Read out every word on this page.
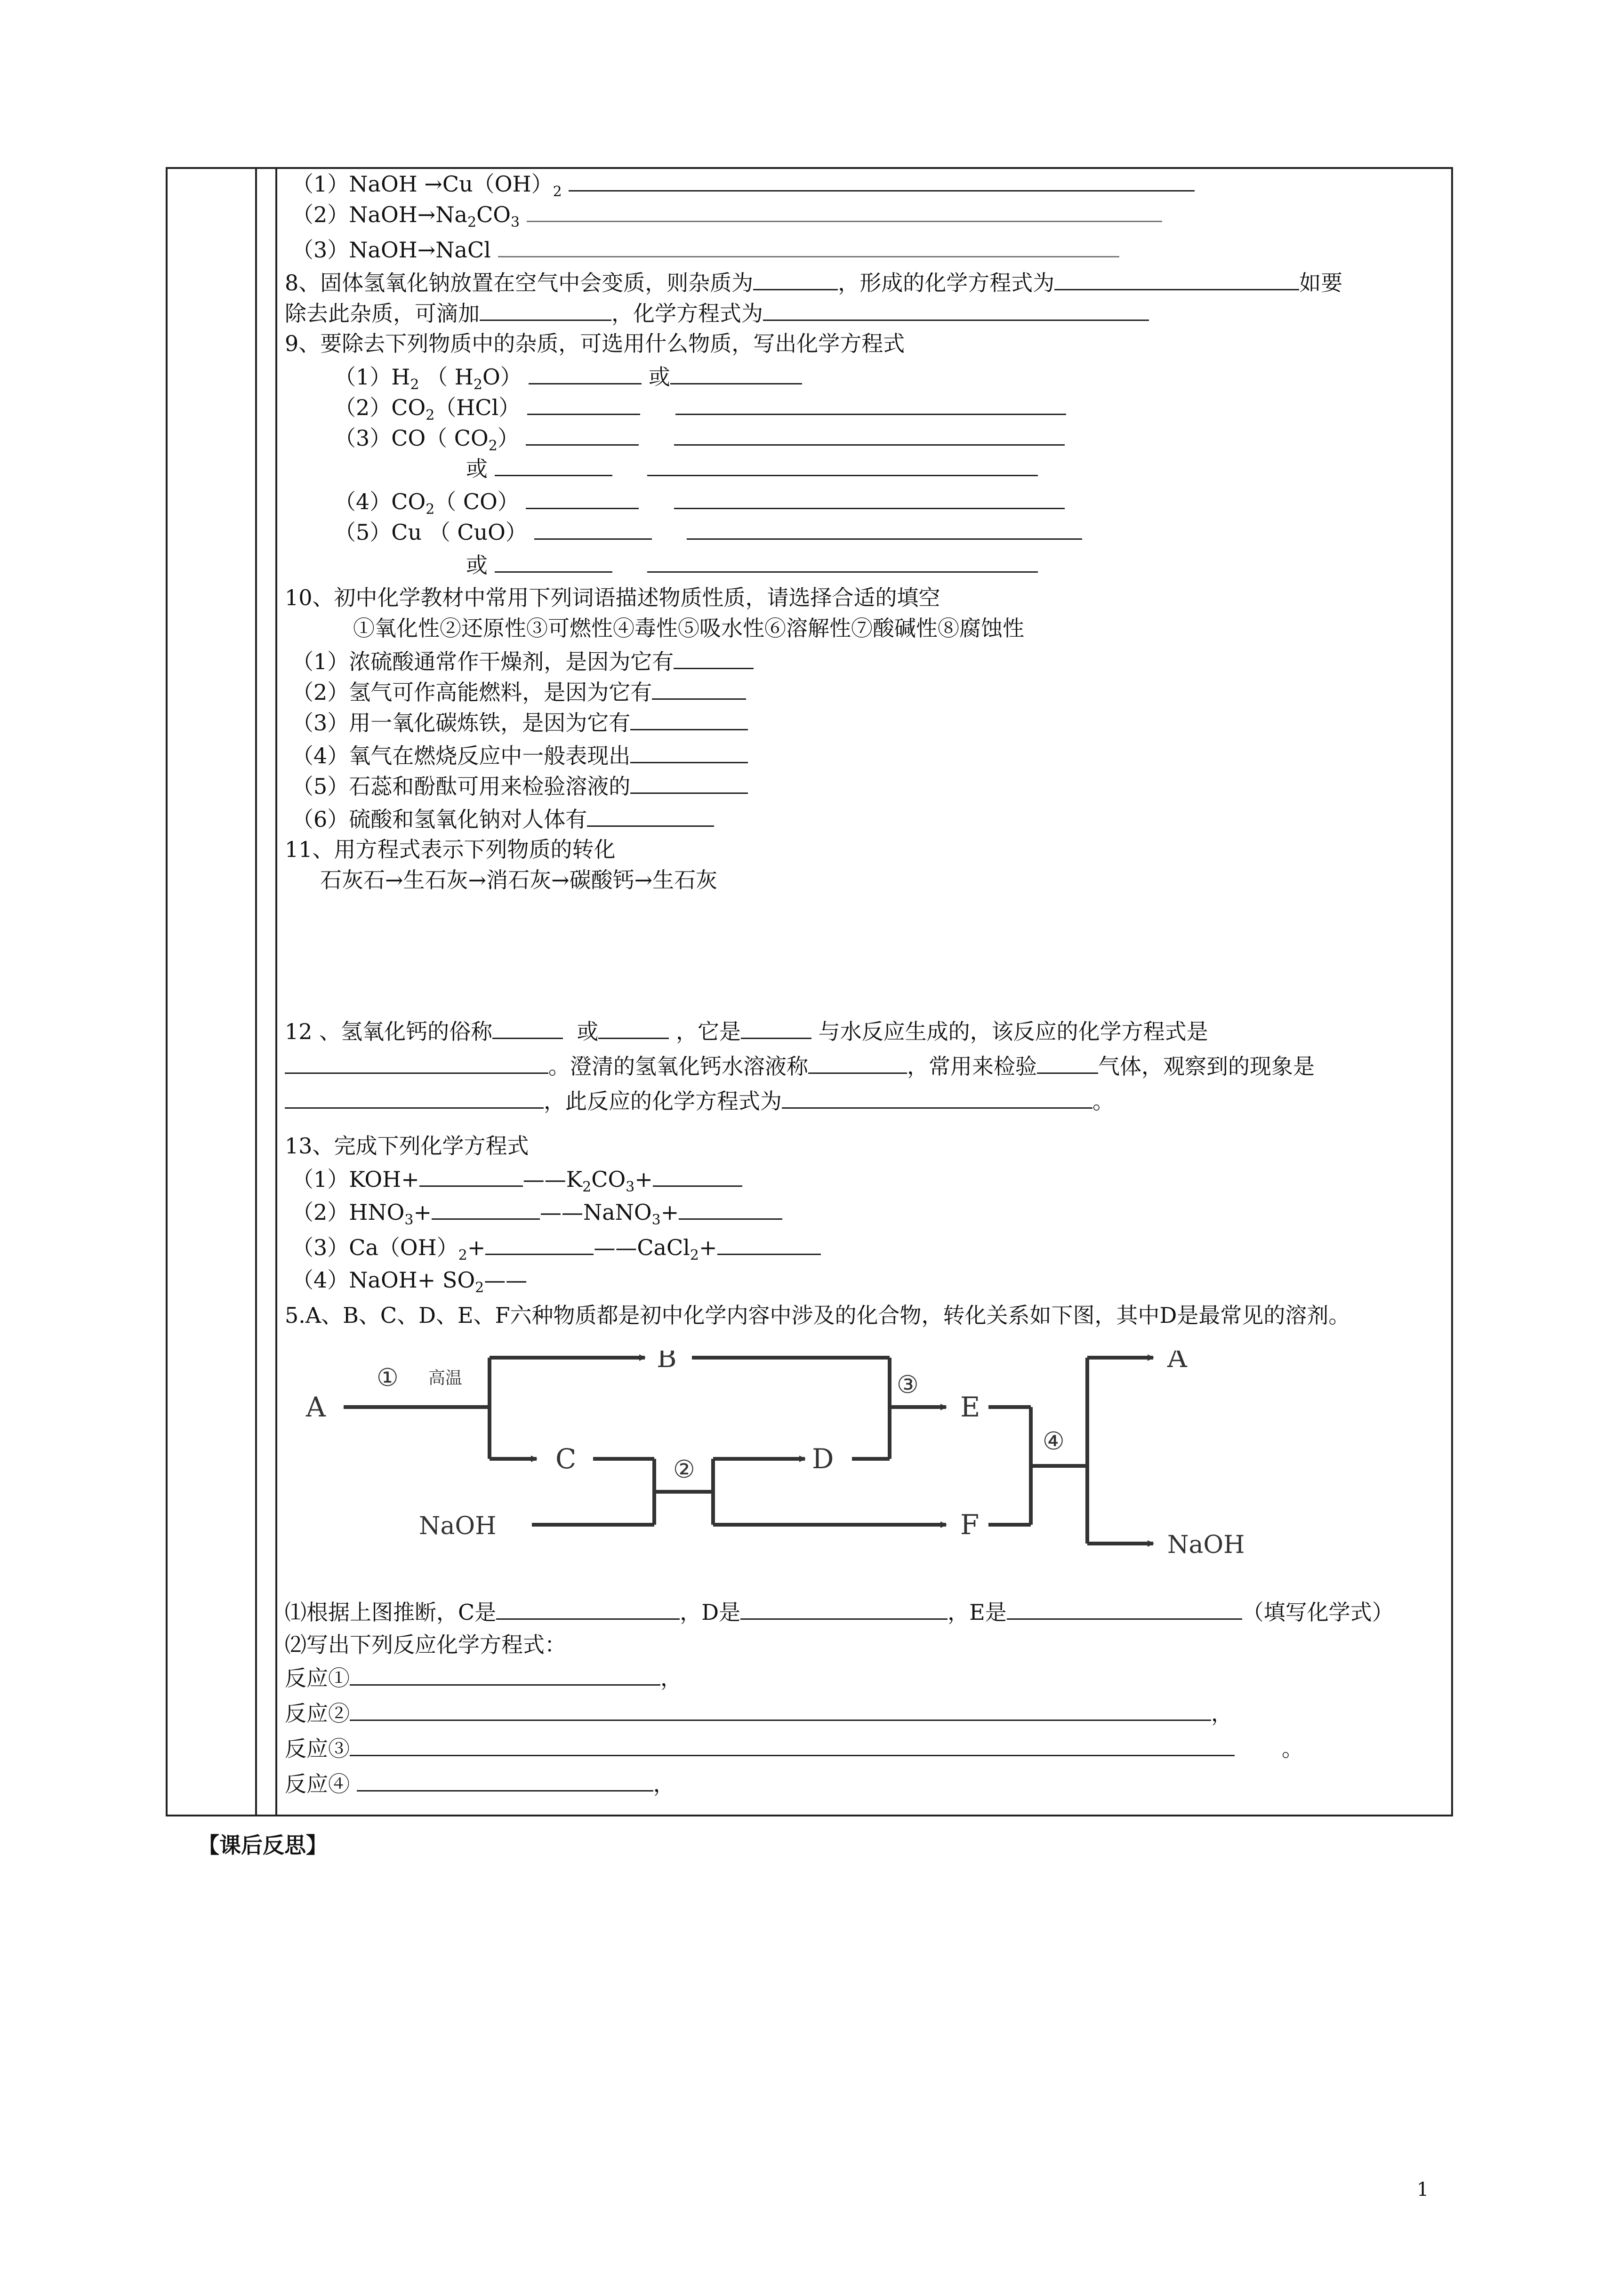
（1）NaOH $\to Cu(OH)_2$
$(2)NaOH\to Na_2CO_3$
（3）NaOH→NaCl
8、固体氢氧化钠放置在空气中会变质，则杂质为	，形成的化学方程式为	如要
除去此杂质，可滴加	，化学方程式为
9、要除去下列物质中的杂质，可选用什么物质，写出化学方程式
$(1)H_2$ （ $H_2O$）	或
$(2)CO_2(HCl)$
（3）CO（ $CO_2$）
或
$(4)CO_2$（ CO）
（5）Cu （ CuO）
或
10、初中化学教材中常用下列词语描述物质性质，请选择合适的填空
①氧化性②还原性③可燃性④毒性⑤吸水性⑥溶解性⑦酸碱性⑧腐蚀性
（1）浓硫酸通常作干燥剂，是因为它有
（2）氢气可作高能燃料，是因为它有
（3）用一氧化碳炼铁，是因为它有
（4）氧气在燃烧反应中一般表现出
（5）石蕊和酚酞可用来检验溶液的
（6）硫酸和氢氧化钠对人体有
11、用方程式表示下列物质的转化
石灰石→生石灰→消石灰→碳酸钙→生石灰
12 、氢氧化钙的俗称	或	，它是	与水反应生成的，该反应的化学方程式是
。澄清的氢氧化钙水溶液称	，常用来检验	气体，观察到的现象是
，此反应的化学方程式为	。
13、完成下列化学方程式
（1）KOH+	$——K_2CO_3+$
$(2)HNO_3+$	——NaNO$_3$+
$(3)Ca(OH)_2+$	——CaCl$_2$+
（4）NaOH+ $SO_2——$
5.A、B、C、D、E、F六种物质都是初中化学内容中涉及的化合物，转化关系如下图，其中D是最常见的溶剂。
A
① 高温
B
C	D
②
③
E
F
④
A
NaOH
NaOH
⑴根据上图推断，C是	，D是	，E是	（填写化学式）
⑵写出下列反应化学方程式：
反应①	，
反应②	，
反应③	。
反应④	，
【课后反思】
1
